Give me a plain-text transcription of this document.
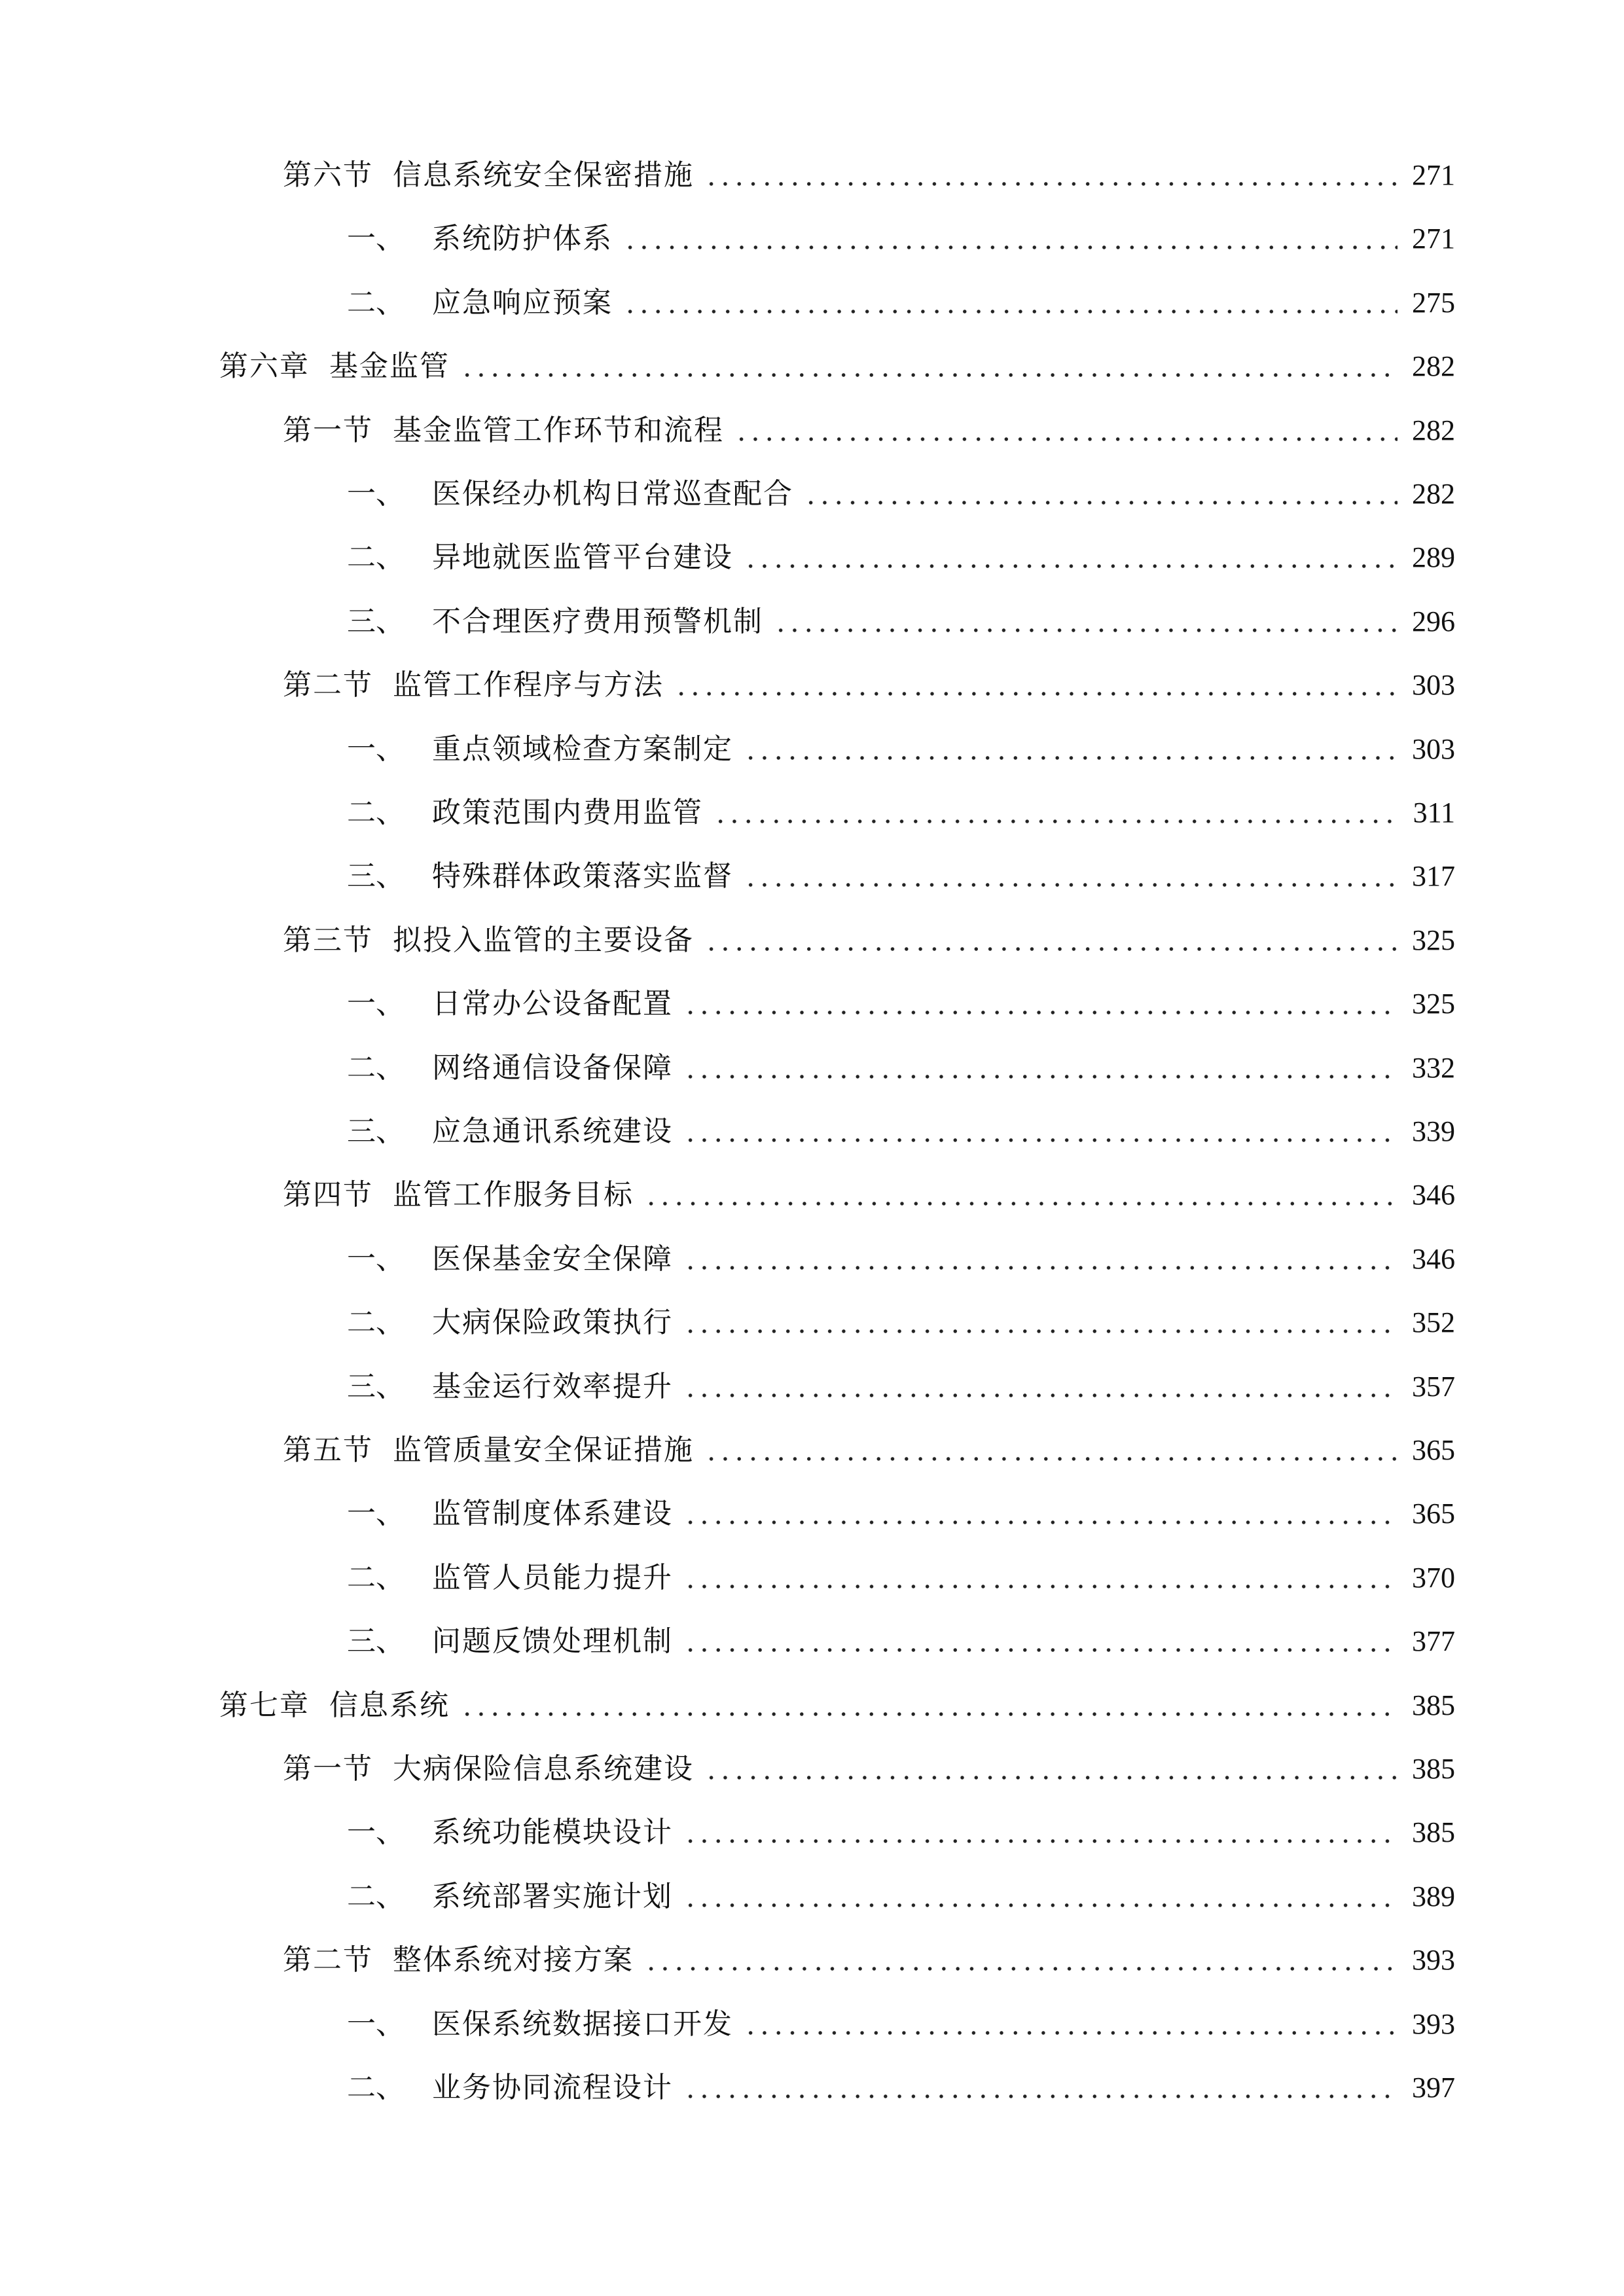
第六节 信息系统安全保密措施	271
一、 系统防护体系	271
二、 应急响应预案	275
第六章 基金监管	282
第一节 基金监管工作环节和流程	282
一、 医保经办机构日常巡查配合	282
二、 异地就医监管平台建设	289
三、 不合理医疗费用预警机制	296
第二节 监管工作程序与方法	303
一、 重点领域检查方案制定	303
二、 政策范围内费用监管	311
三、 特殊群体政策落实监督	317
第三节 拟投入监管的主要设备	325
一、 日常办公设备配置	325
二、 网络通信设备保障	332
三、 应急通讯系统建设	339
第四节 监管工作服务目标	346
一、 医保基金安全保障	346
二、 大病保险政策执行	352
三、 基金运行效率提升	357
第五节 监管质量安全保证措施	365
一、 监管制度体系建设	365
二、 监管人员能力提升	370
三、 问题反馈处理机制	377
第七章 信息系统	385
第一节 大病保险信息系统建设	385
一、 系统功能模块设计	385
二、 系统部署实施计划	389
第二节 整体系统对接方案	393
一、 医保系统数据接口开发	393
二、 业务协同流程设计	397
